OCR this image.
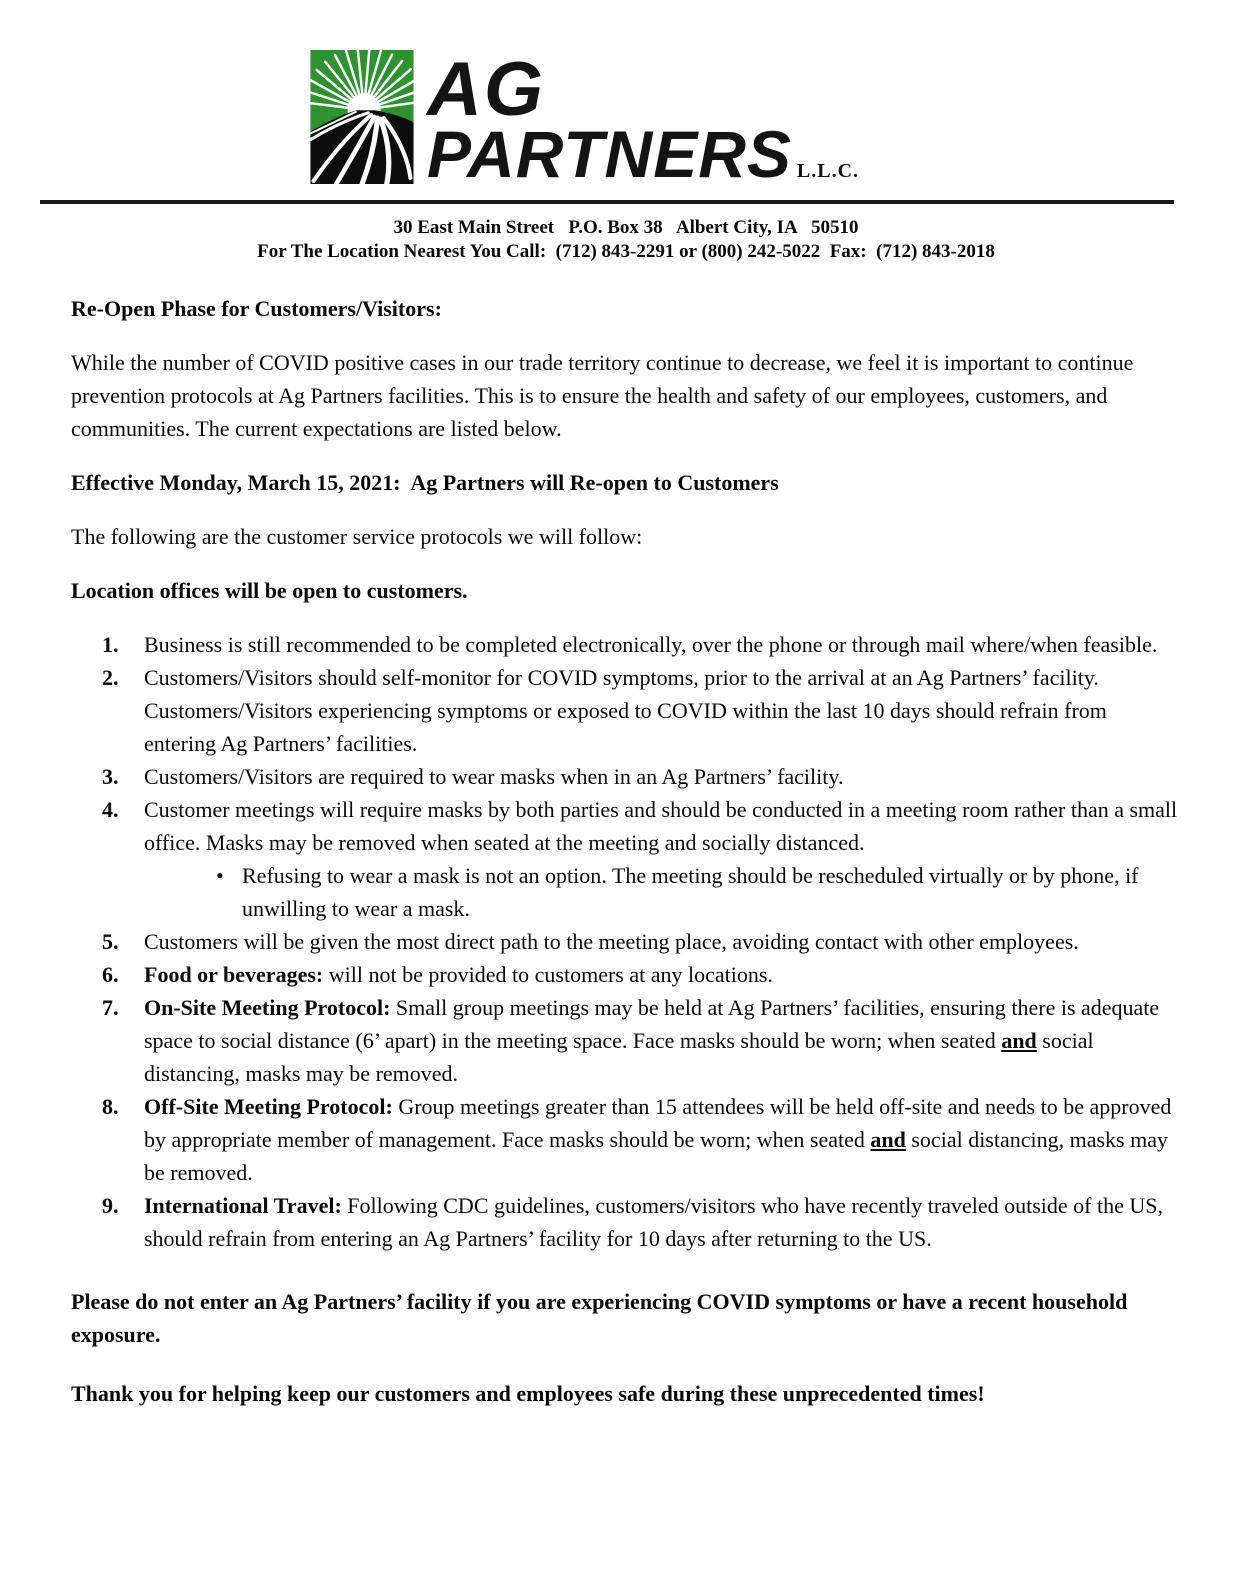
AG
PARTNERS L.L.C.
30 East Main Street   P.O. Box 38   Albert City, IA   50510
For The Location Nearest You Call:  (712) 843-2291 or (800) 242-5022  Fax:  (712) 843-2018

Re-Open Phase for Customers/Visitors:

While the number of COVID positive cases in our trade territory continue to decrease, we feel it is important to continue prevention protocols at Ag Partners facilities. This is to ensure the health and safety of our employees, customers, and communities. The current expectations are listed below.

Effective Monday, March 15, 2021:  Ag Partners will Re-open to Customers

The following are the customer service protocols we will follow:

Location offices will be open to customers.

1.	Business is still recommended to be completed electronically, over the phone or through mail where/when feasible.
2.	Customers/Visitors should self-monitor for COVID symptoms, prior to the arrival at an Ag Partners’ facility. Customers/Visitors experiencing symptoms or exposed to COVID within the last 10 days should refrain from entering Ag Partners’ facilities.
3.	Customers/Visitors are required to wear masks when in an Ag Partners’ facility.
4.	Customer meetings will require masks by both parties and should be conducted in a meeting room rather than a small office. Masks may be removed when seated at the meeting and socially distanced.
• Refusing to wear a mask is not an option. The meeting should be rescheduled virtually or by phone, if unwilling to wear a mask.
5.	Customers will be given the most direct path to the meeting place, avoiding contact with other employees.
6.	Food or beverages: will not be provided to customers at any locations.
7.	On-Site Meeting Protocol: Small group meetings may be held at Ag Partners’ facilities, ensuring there is adequate space to social distance (6’ apart) in the meeting space. Face masks should be worn; when seated and social distancing, masks may be removed.
8.	Off-Site Meeting Protocol: Group meetings greater than 15 attendees will be held off-site and needs to be approved by appropriate member of management. Face masks should be worn; when seated and social distancing, masks may be removed.
9.	International Travel: Following CDC guidelines, customers/visitors who have recently traveled outside of the US, should refrain from entering an Ag Partners’ facility for 10 days after returning to the US.

Please do not enter an Ag Partners’ facility if you are experiencing COVID symptoms or have a recent household exposure.

Thank you for helping keep our customers and employees safe during these unprecedented times!
